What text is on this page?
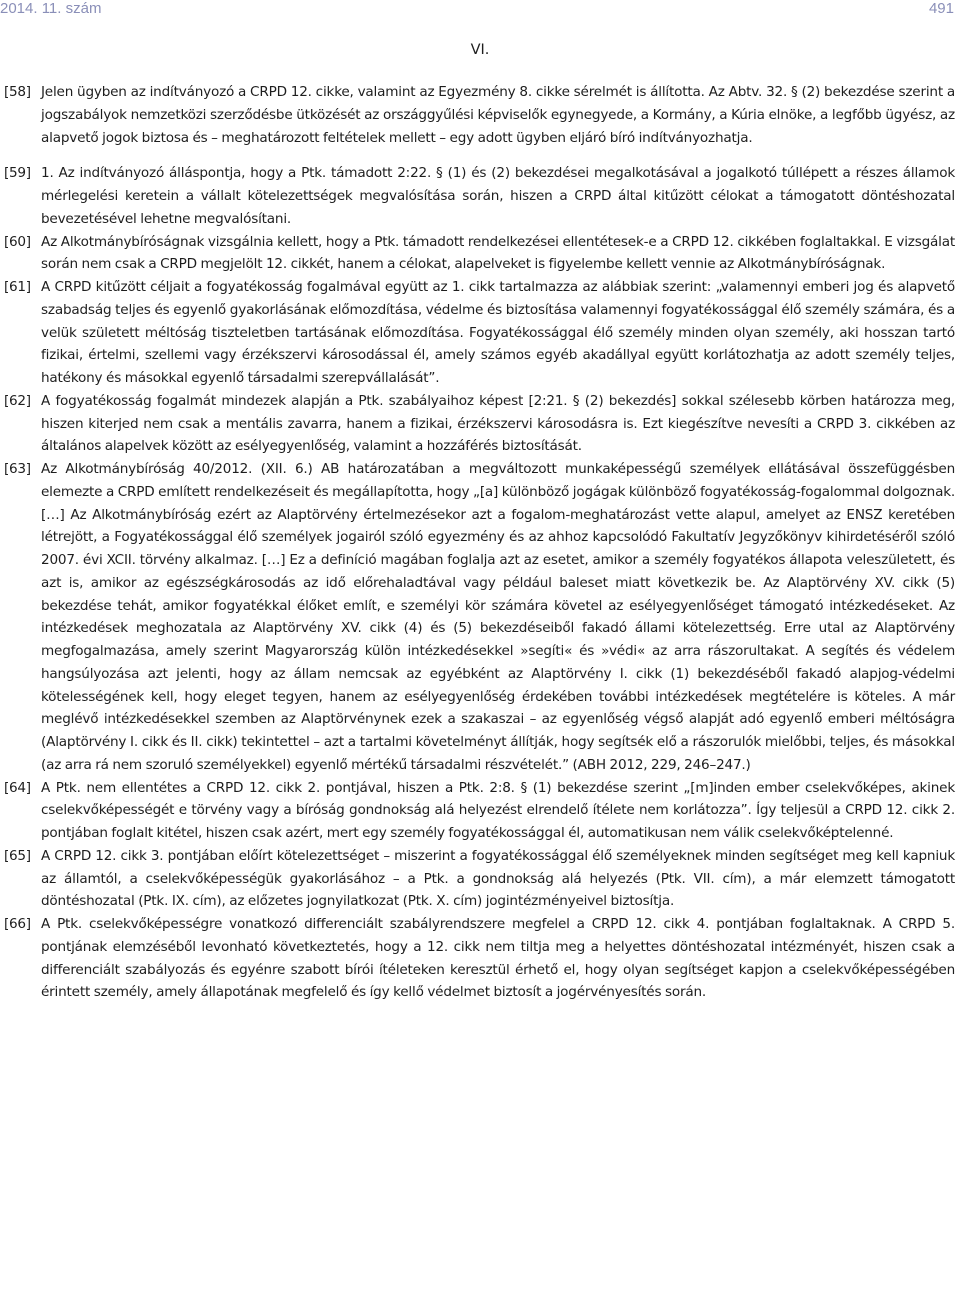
2014. 11. szám	491
VI.

[58] Jelen ügyben az indítványozó a CRPD 12. cikke, valamint az Egyezmény 8. cikke sérelmét is állította. Az Abtv. 32. § (2) bekezdése szerint a jogszabályok nemzetközi szerződésbe ütközését az országgyűlési képviselők egynegyede, a Kormány, a Kúria elnöke, a legfőbb ügyész, az alapvető jogok biztosa és – meghatározott feltételek mellett – egy adott ügyben eljáró bíró indítványozhatja.

[59] 1. Az indítványozó álláspontja, hogy a Ptk. támadott 2:22. § (1) és (2) bekezdései megalkotásával a jogalkotó túllépett a részes államok mérlegelési keretein a vállalt kötelezettségek megvalósítása során, hiszen a CRPD által kitűzött célokat a támogatott döntéshozatal bevezetésével lehetne megvalósítani.

[60] Az Alkotmánybíróságnak vizsgálnia kellett, hogy a Ptk. támadott rendelkezései ellentétesek-e a CRPD 12. cikkében foglaltakkal. E vizsgálat során nem csak a CRPD megjelölt 12. cikkét, hanem a célokat, alapelveket is figyelembe kellett vennie az Alkotmánybíróságnak.

[61] A CRPD kitűzött céljait a fogyatékosság fogalmával együtt az 1. cikk tartalmazza az alábbiak szerint: „valamennyi emberi jog és alapvető szabadság teljes és egyenlő gyakorlásának előmozdítása, védelme és biztosítása valamennyi fogyatékossággal élő személy számára, és a velük született méltóság tiszteletben tartásának előmozdítása. Fogyatékossággal élő személy minden olyan személy, aki hosszan tartó fizikai, értelmi, szellemi vagy érzékszervi károsodással él, amely számos egyéb akadállyal együtt korlátozhatja az adott személy teljes, hatékony és másokkal egyenlő társadalmi szerepvállalását”.

[62] A fogyatékosság fogalmát mindezek alapján a Ptk. szabályaihoz képest [2:21. § (2) bekezdés] sokkal szélesebb körben határozza meg, hiszen kiterjed nem csak a mentális zavarra, hanem a fizikai, érzékszervi károsodásra is. Ezt kiegészítve nevesíti a CRPD 3. cikkében az általános alapelvek között az esélyegyenlőség, valamint a hozzáférés biztosítását.

[63] Az Alkotmánybíróság 40/2012. (XII. 6.) AB határozatában a megváltozott munkaképességű személyek ellátásával összefüggésben elemezte a CRPD említett rendelkezéseit és megállapította, hogy „[a] különböző jogágak különböző fogyatékosság-fogalommal dolgoznak. […] Az Alkotmánybíróság ezért az Alaptörvény értelmezésekor azt a fogalom-meghatározást vette alapul, amelyet az ENSZ keretében létrejött, a Fogyatékossággal élő személyek jogairól szóló egyezmény és az ahhoz kapcsolódó Fakultatív Jegyzőkönyv kihirdetéséről szóló 2007. évi XCII. törvény alkalmaz. […] Ez a definíció magában foglalja azt az esetet, amikor a személy fogyatékos állapota veleszületett, és azt is, amikor az egészségkárosodás az idő előrehaladtával vagy például baleset miatt következik be. Az Alaptörvény XV. cikk (5) bekezdése tehát, amikor fogyatékkal élőket említ, e személyi kör számára követel az esélyegyenlőséget támogató intézkedéseket. Az intézkedések meghozatala az Alaptörvény XV. cikk (4) és (5) bekezdéseiből fakadó állami kötelezettség. Erre utal az Alaptörvény megfogalmazása, amely szerint Magyarország külön intézkedésekkel »segíti« és »védi« az arra rászorultakat. A segítés és védelem hangsúlyozása azt jelenti, hogy az állam nemcsak az egyébként az Alaptörvény I. cikk (1) bekezdéséből fakadó alapjog-védelmi kötelességének kell, hogy eleget tegyen, hanem az esélyegyenlőség érdekében további intézkedések megtételére is köteles. A már meglévő intézkedésekkel szemben az Alaptörvénynek ezek a szakaszai – az egyenlőség végső alapját adó egyenlő emberi méltóságra (Alaptörvény I. cikk és II. cikk) tekintettel – azt a tartalmi követelményt állítják, hogy segítsék elő a rászorulók mielőbbi, teljes, és másokkal (az arra rá nem szoruló személyekkel) egyenlő mértékű társadalmi részvételét.” (ABH 2012, 229, 246–247.)

[64] A Ptk. nem ellentétes a CRPD 12. cikk 2. pontjával, hiszen a Ptk. 2:8. § (1) bekezdése szerint „[m]inden ember cselekvőképes, akinek cselekvőképességét e törvény vagy a bíróság gondnokság alá helyezést elrendelő ítélete nem korlátozza”. Így teljesül a CRPD 12. cikk 2. pontjában foglalt kitétel, hiszen csak azért, mert egy személy fogyatékossággal él, automatikusan nem válik cselekvőképtelenné.

[65] A CRPD 12. cikk 3. pontjában előírt kötelezettséget – miszerint a fogyatékossággal élő személyeknek minden segítséget meg kell kapniuk az államtól, a cselekvőképességük gyakorlásához – a Ptk. a gondnokság alá helyezés (Ptk. VII. cím), a már elemzett támogatott döntéshozatal (Ptk. IX. cím), az előzetes jognyilatkozat (Ptk. X. cím) jogintézményeivel biztosítja.

[66] A Ptk. cselekvőképességre vonatkozó differenciált szabályrendszere megfelel a CRPD 12. cikk 4. pontjában foglaltaknak. A CRPD 5. pontjának elemzéséből levonható következtetés, hogy a 12. cikk nem tiltja meg a helyettes döntéshozatal intézményét, hiszen csak a differenciált szabályozás és egyénre szabott bírói ítéleteken keresztül érhető el, hogy olyan segítséget kapjon a cselekvőképességében érintett személy, amely állapotának megfelelő és így kellő védelmet biztosít a jogérvényesítés során.
